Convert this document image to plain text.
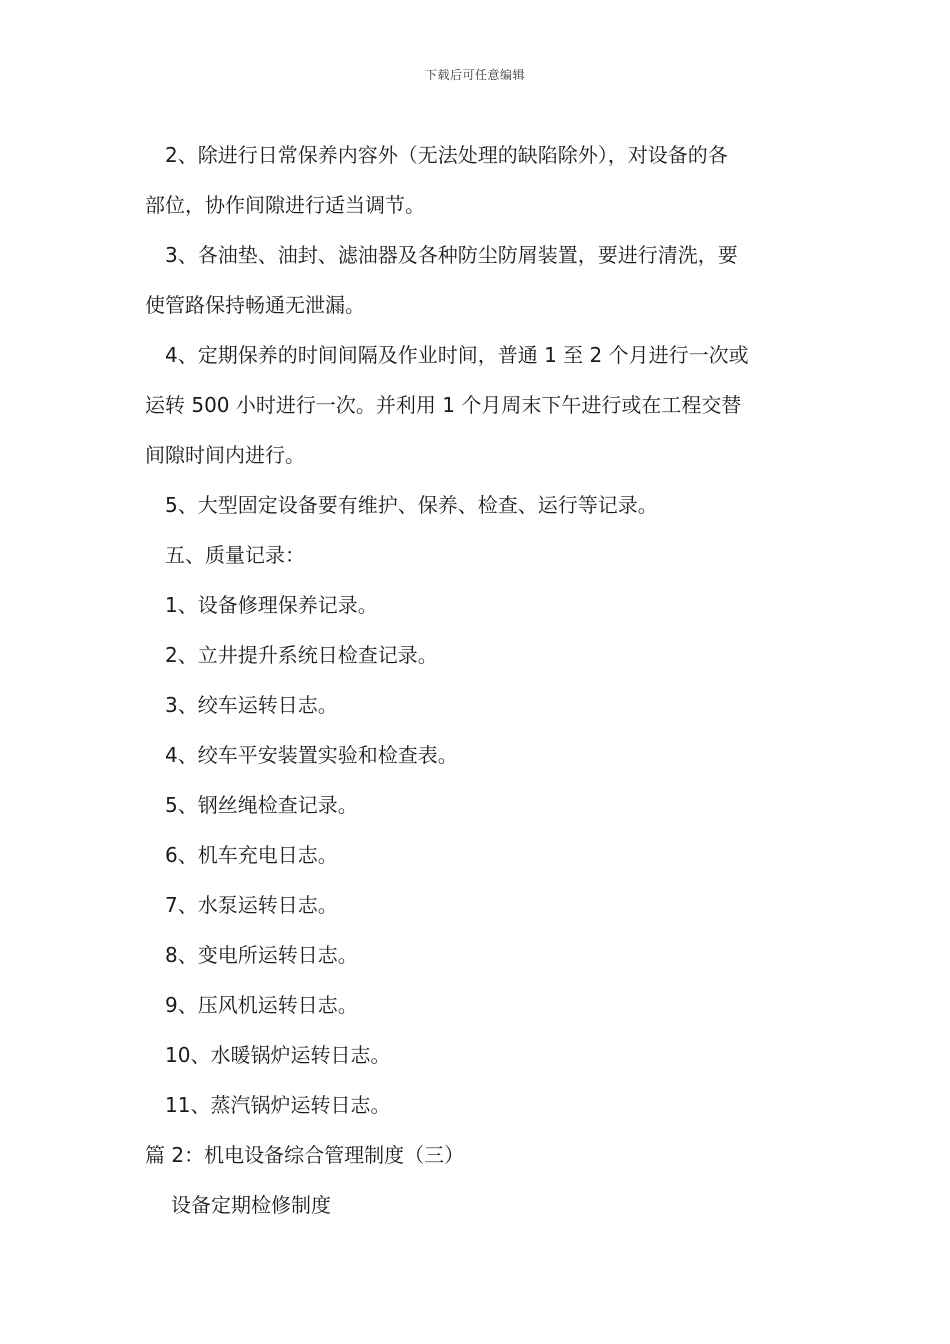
下载后可任意编辑

2、除进行日常保养内容外（无法处理的缺陷除外），对设备的各

部位，协作间隙进行适当调节。

3、各油垫、油封、滤油器及各种防尘防屑装置，要进行清洗，要

使管路保持畅通无泄漏。

4、定期保养的时间间隔及作业时间，普通 1 至 2 个月进行一次或

运转 500 小时进行一次。并利用 1 个月周末下午进行或在工程交替

间隙时间内进行。

5、大型固定设备要有维护、保养、检查、运行等记录。

五、质量记录：

1、设备修理保养记录。

2、立井提升系统日检查记录。

3、绞车运转日志。

4、绞车平安装置实验和检查表。

5、钢丝绳检查记录。

6、机车充电日志。

7、水泵运转日志。

8、变电所运转日志。

9、压风机运转日志。

10、水暖锅炉运转日志。

11、蒸汽锅炉运转日志。

篇 2：机电设备综合管理制度（三）

设备定期检修制度
